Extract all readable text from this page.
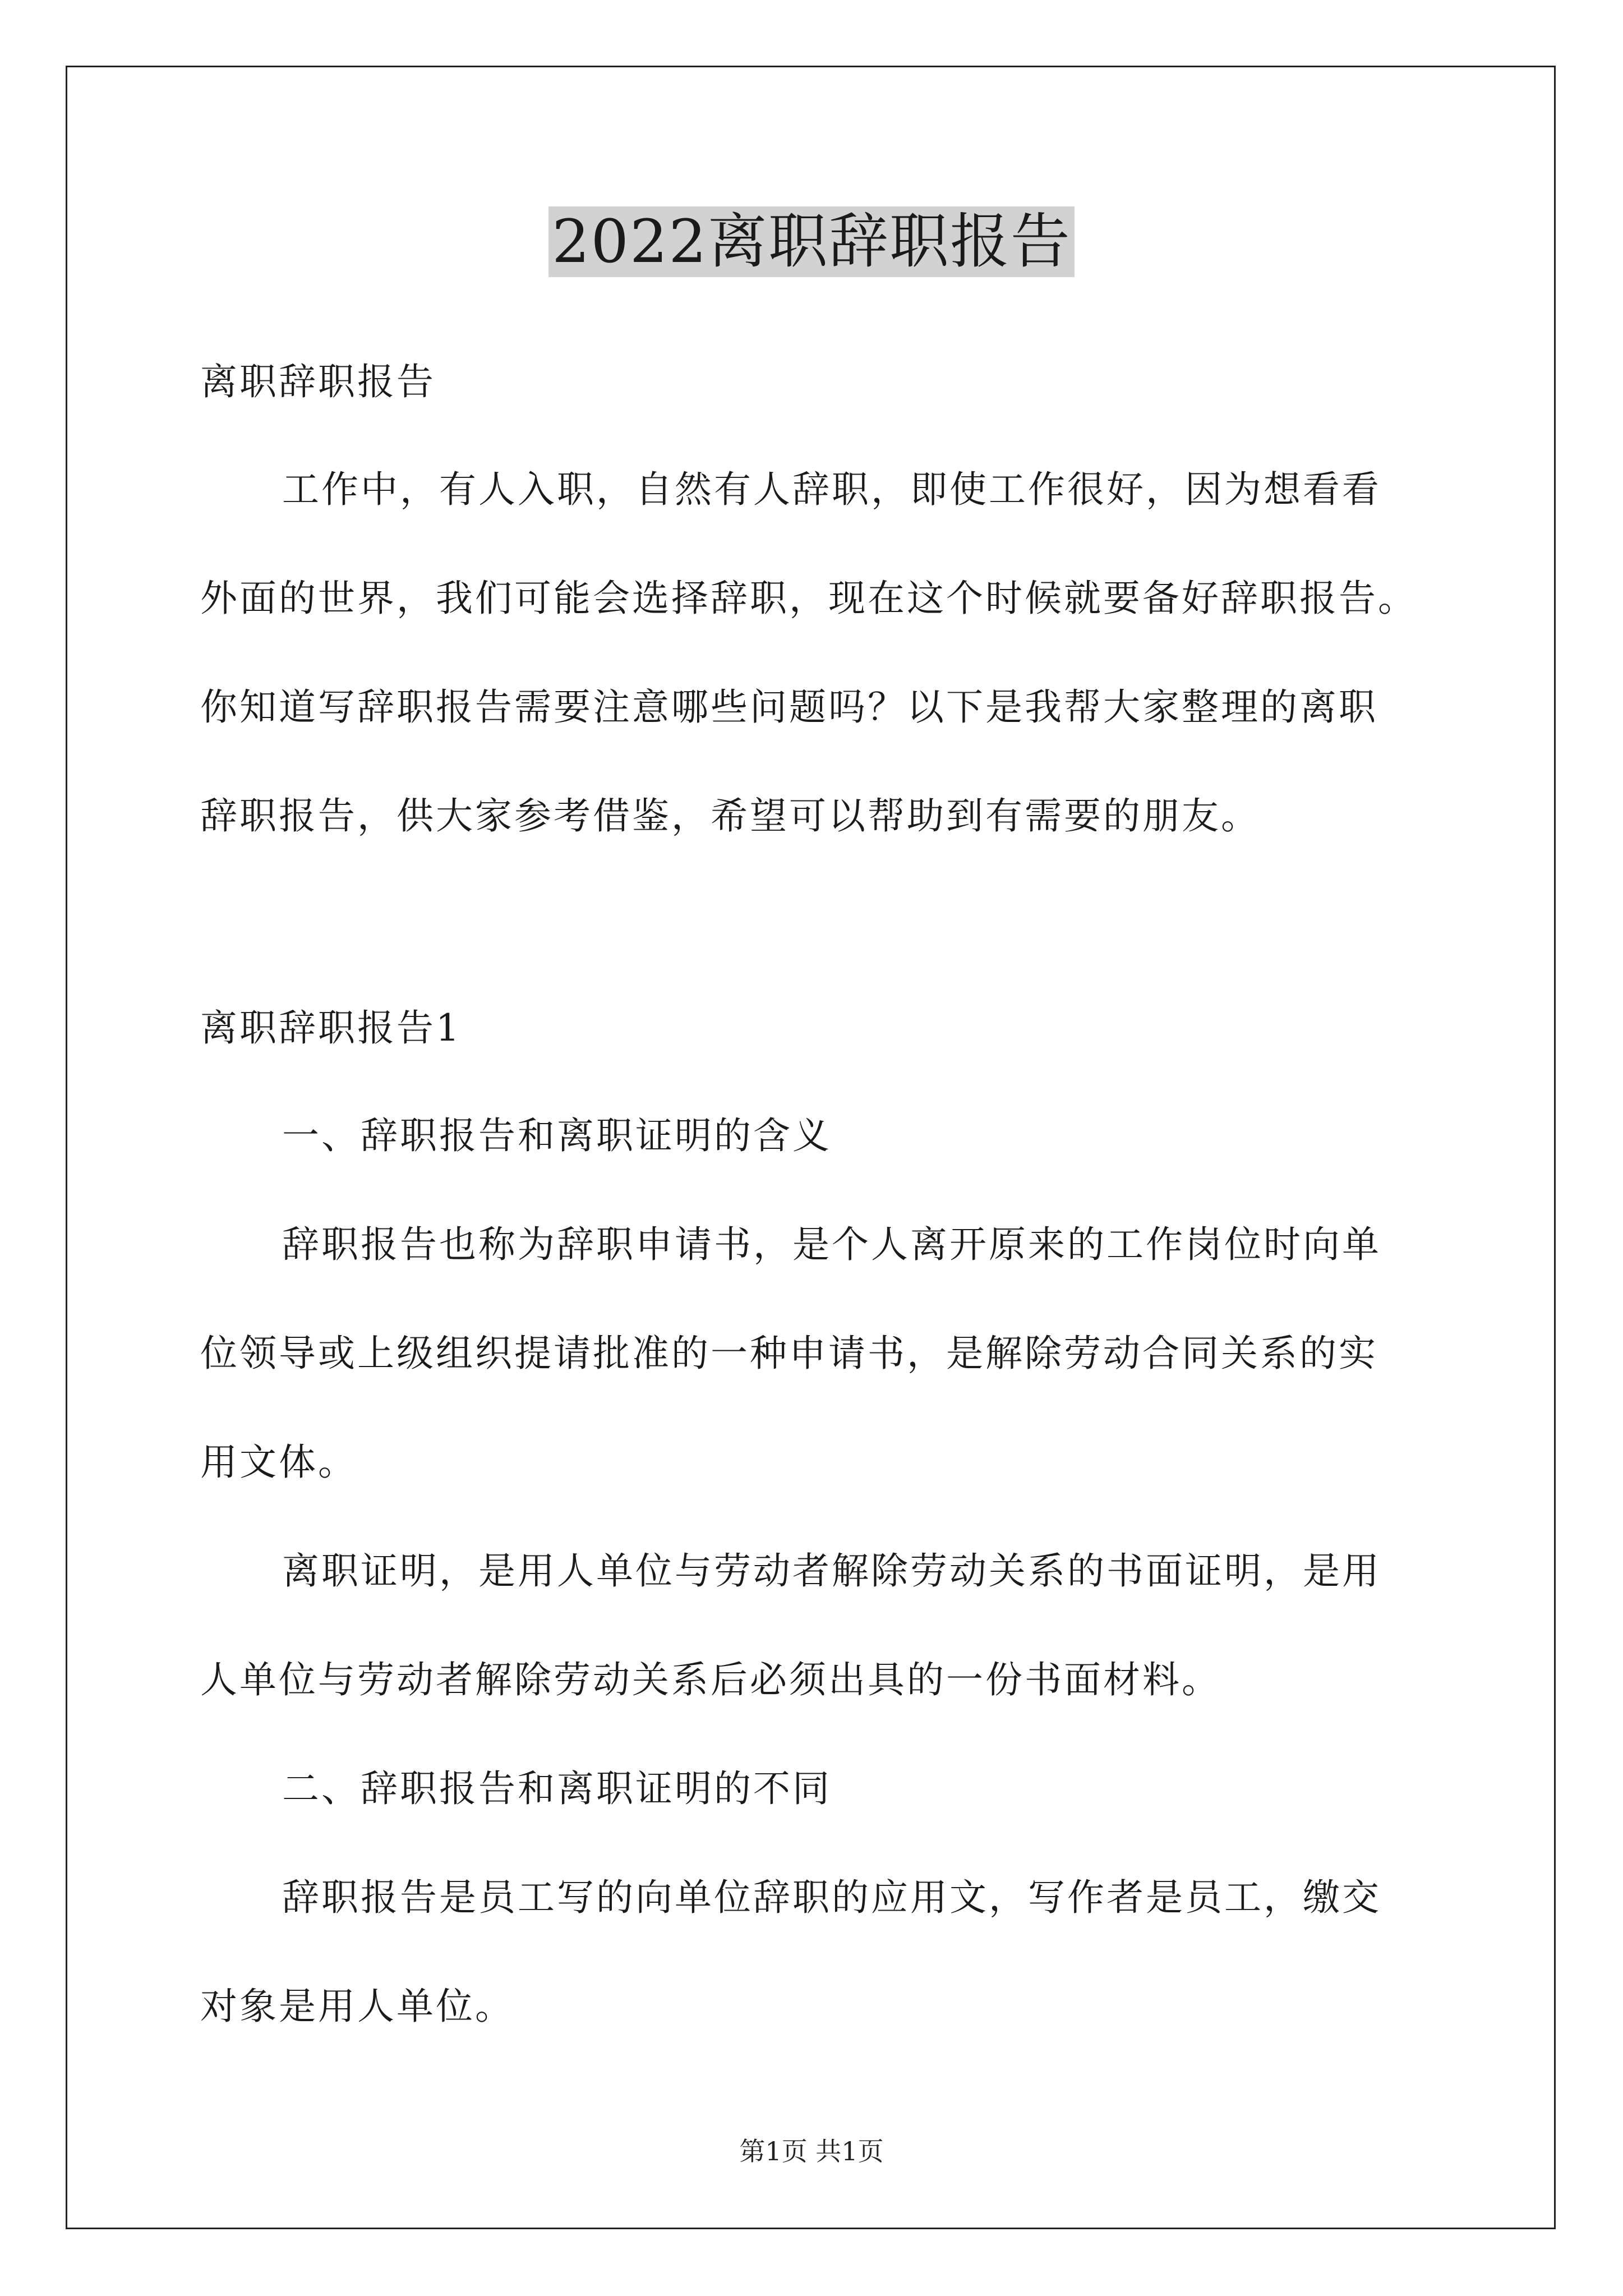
2022离职辞职报告
离职辞职报告
工作中，有人入职，自然有人辞职，即使工作很好，因为想看看
外面的世界，我们可能会选择辞职，现在这个时候就要备好辞职报告。
你知道写辞职报告需要注意哪些问题吗？以下是我帮大家整理的离职
辞职报告，供大家参考借鉴，希望可以帮助到有需要的朋友。
离职辞职报告1
一、辞职报告和离职证明的含义
辞职报告也称为辞职申请书，是个人离开原来的工作岗位时向单
位领导或上级组织提请批准的一种申请书，是解除劳动合同关系的实
用文体。
离职证明，是用人单位与劳动者解除劳动关系的书面证明，是用
人单位与劳动者解除劳动关系后必须出具的一份书面材料。
二、辞职报告和离职证明的不同
辞职报告是员工写的向单位辞职的应用文，写作者是员工，缴交
对象是用人单位。
第1页 共1页
